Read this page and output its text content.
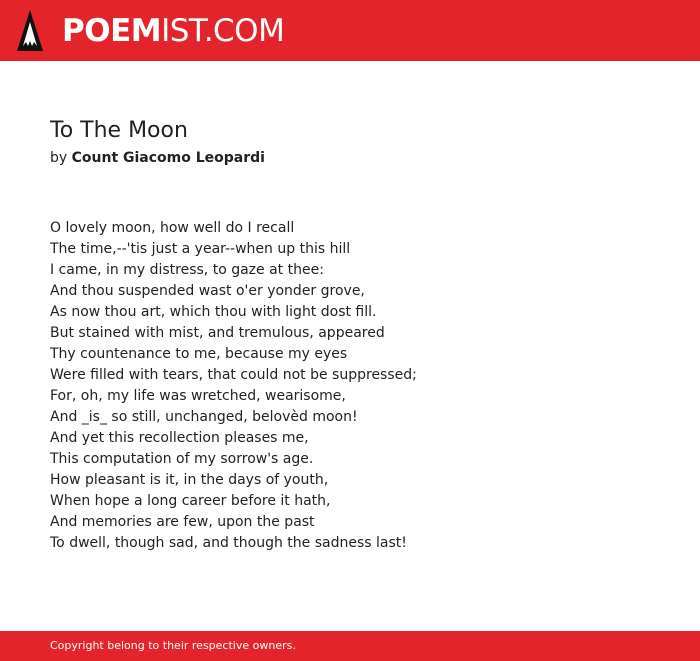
POEMIST.COM
To The Moon
by Count Giacomo Leopardi
O lovely moon, how well do I recall
The time,--'tis just a year--when up this hill
I came, in my distress, to gaze at thee:
And thou suspended wast o'er yonder grove,
As now thou art, which thou with light dost fill.
But stained with mist, and tremulous, appeared
Thy countenance to me, because my eyes
Were filled with tears, that could not be suppressed;
For, oh, my life was wretched, wearisome,
And _is_ so still, unchanged, belovèd moon!
And yet this recollection pleases me,
This computation of my sorrow's age.
How pleasant is it, in the days of youth,
When hope a long career before it hath,
And memories are few, upon the past
To dwell, though sad, and though the sadness last!
Copyright belong to their respective owners.
